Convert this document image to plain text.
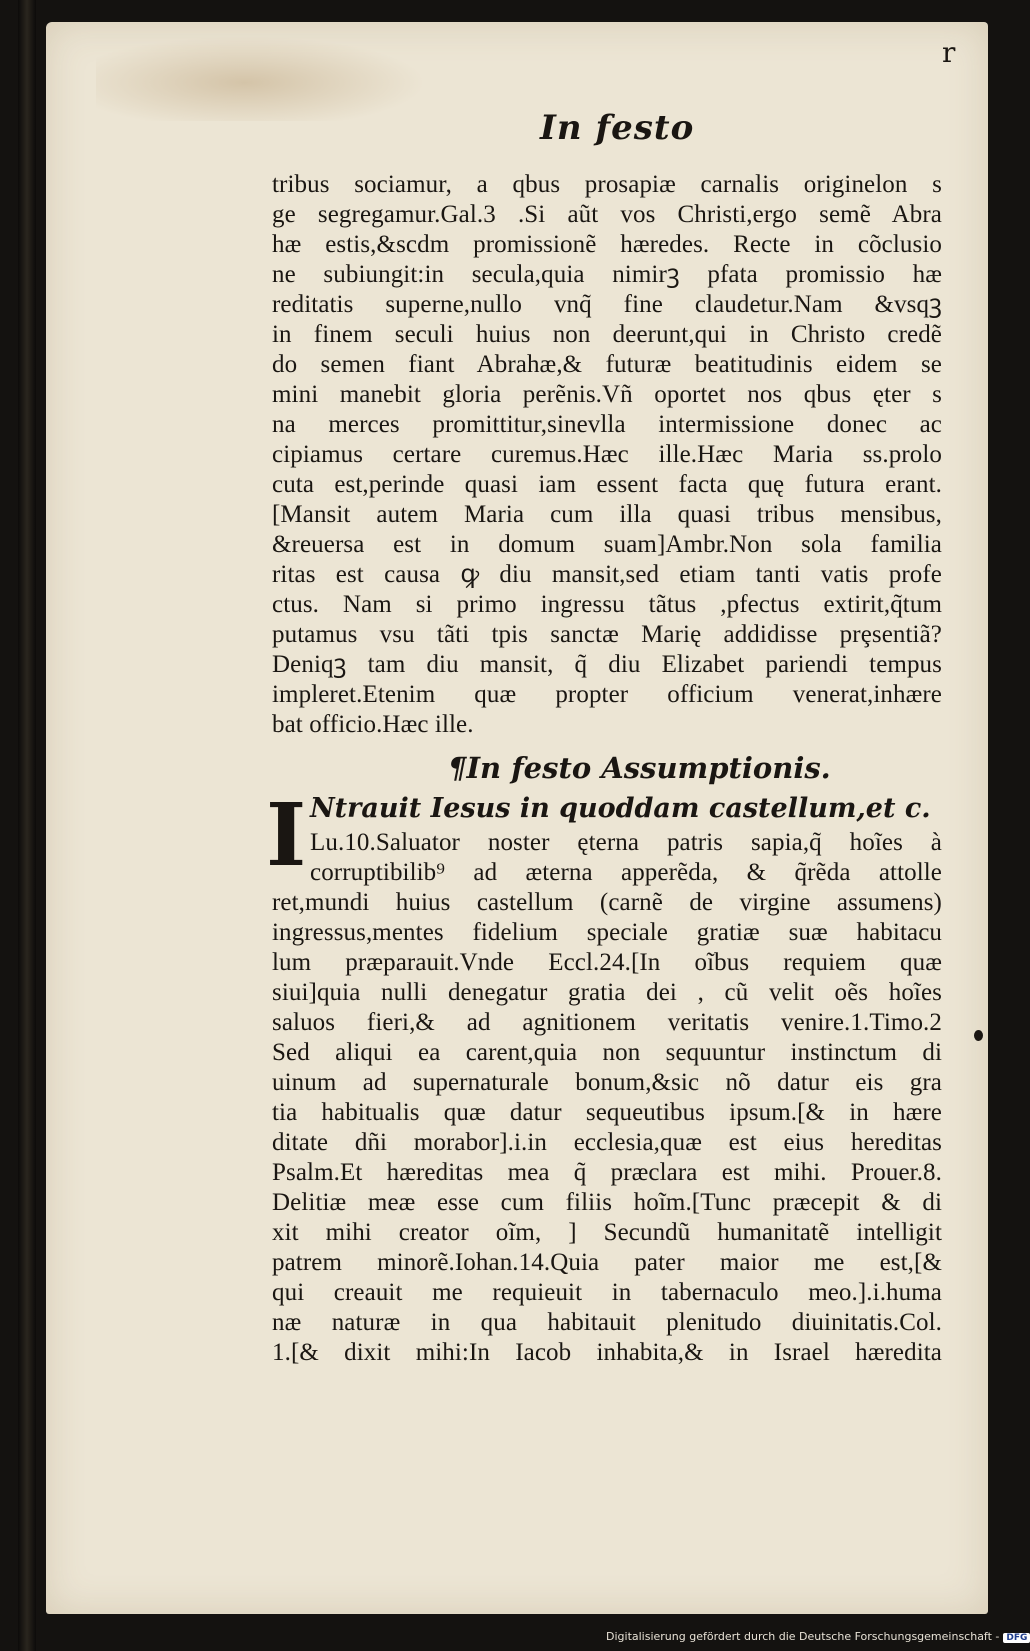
r
In festo
tribus sociamur, a qbus prosapiæ carnalis originelon s
ge segregamur.Gal.3 .Si aũt vos Christi,ergo semẽ Abra
hæ estis,&scdm promissionẽ hæredes. Recte in cõclusio
ne subiungit:in secula,quia nimirꝫ pfata promissio hæ
reditatis superne,nullo vnq̃ fine claudetur.Nam &vsqꝫ
in finem seculi huius non deerunt,qui in Christo credẽ
do semen fiant Abrahæ,& futuræ beatitudinis eidem se
mini manebit gloria perẽnis.Vñ oportet nos qbus ęter s
na merces promittitur,sinevlla intermissione donec ac
cipiamus certare curemus.Hæc ille.Hæc Maria ss.prolo
cuta est,perinde quasi iam essent facta quę futura erant.
[Mansit autem Maria cum illa quasi tribus mensibus,
&reuersa est in domum suam]Ambr.Non sola familia
ritas est causa ꝙ diu mansit,sed etiam tanti vatis profe
ctus. Nam si primo ingressu tãtus ,pfectus extirit,q̃tum
putamus vsu tãti tpis sanctæ Marię addidisse prȩsentiã?
Deniqꝫ tam diu mansit, q̃ diu Elizabet pariendi tempus
impleret.Etenim quæ propter officium venerat,inhære
bat officio.Hæc ille.
¶In festo Assumptionis.
I Ntrauit Iesus in quoddam castellum,et c.
Lu.10.Saluator noster ęterna patris sapia,q̃ hoĩes à
corruptibilib⁹ ad æterna apperẽda, & q̃rẽda attolle
ret,mundi huius castellum (carnẽ de virgine assumens)
ingressus,mentes fidelium speciale gratiæ suæ habitacu
lum præparauit.Vnde Eccl.24.[In oĩbus requiem quæ
siui]quia nulli denegatur gratia dei , cũ velit oẽs hoĩes
saluos fieri,& ad agnitionem veritatis venire.1.Timo.2
Sed aliqui ea carent,quia non sequuntur instinctum di
uinum ad supernaturale bonum,&sic nõ datur eis gra
tia habitualis quæ datur sequeutibus ipsum.[& in hære
ditate dñi morabor].i.in ecclesia,quæ est eius hereditas
Psalm.Et hæreditas mea q̃ præclara est mihi. Prouer.8.
Delitiæ meæ esse cum filiis hoĩm.[Tunc præcepit & di
xit mihi creator oĩm, ] Secundũ humanitatẽ intelligit
patrem minorẽ.Iohan.14.Quia pater maior me est,[&
qui creauit me requieuit in tabernaculo meo.].i.huma
næ naturæ in qua habitauit plenitudo diuinitatis.Col.
1.[& dixit mihi:In Iacob inhabita,& in Israel hæredita
Digitalisierung gefördert durch die Deutsche Forschungsgemeinschaft - DFG
